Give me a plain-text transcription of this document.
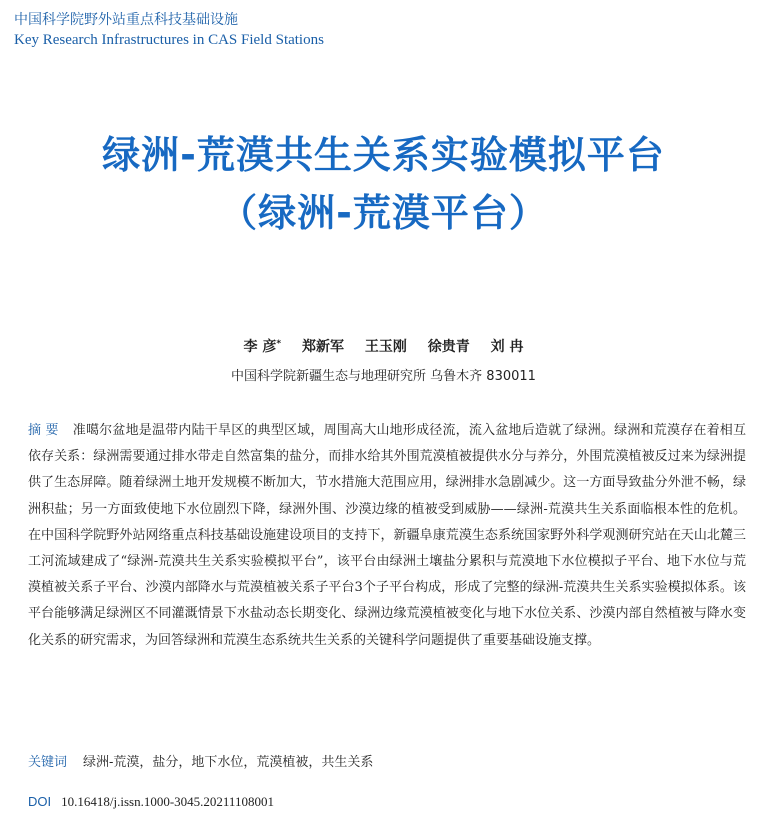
中国科学院野外站重点科技基础设施
Key Research Infrastructures in CAS Field Stations
绿洲-荒漠共生关系实验模拟平台
（绿洲-荒漠平台）
李 彦* 郑新军 王玉刚 徐贵青 刘 冉
中国科学院新疆生态与地理研究所 乌鲁木齐 830011
摘 要 准噶尔盆地是温带内陆干旱区的典型区域，周围高大山地形成径流，流入盆地后造就了绿洲。绿洲和荒漠存在着相互依存关系：绿洲需要通过排水带走自然富集的盐分，而排水给其外围荒漠植被提供水分与养分，外围荒漠植被反过来为绿洲提供了生态屏障。随着绿洲土地开发规模不断加大，节水措施大范围应用，绿洲排水急剧减少。这一方面导致盐分外泄不畅，绿洲积盐；另一方面致使地下水位剧烈下降，绿洲外围、沙漠边缘的植被受到威胁——绿洲-荒漠共生关系面临根本性的危机。在中国科学院野外站网络重点科技基础设施建设项目的支持下，新疆阜康荒漠生态系统国家野外科学观测研究站在天山北麓三工河流域建成了“绿洲-荒漠共生关系实验模拟平台”，该平台由绿洲土壤盐分累积与荒漠地下水位模拟子平台、地下水位与荒漠植被关系子平台、沙漠内部降水与荒漠植被关系子平台3个子平台构成，形成了完整的绿洲-荒漠共生关系实验模拟体系。该平台能够满足绿洲区不同灌溉情景下水盐动态长期变化、绿洲边缘荒漠植被变化与地下水位关系、沙漠内部自然植被与降水变化关系的研究需求，为回答绿洲和荒漠生态系统共生关系的关键科学问题提供了重要基础设施支撑。
关键词 绿洲-荒漠，盐分，地下水位，荒漠植被，共生关系
DOI 10.16418/j.issn.1000-3045.20211108001
